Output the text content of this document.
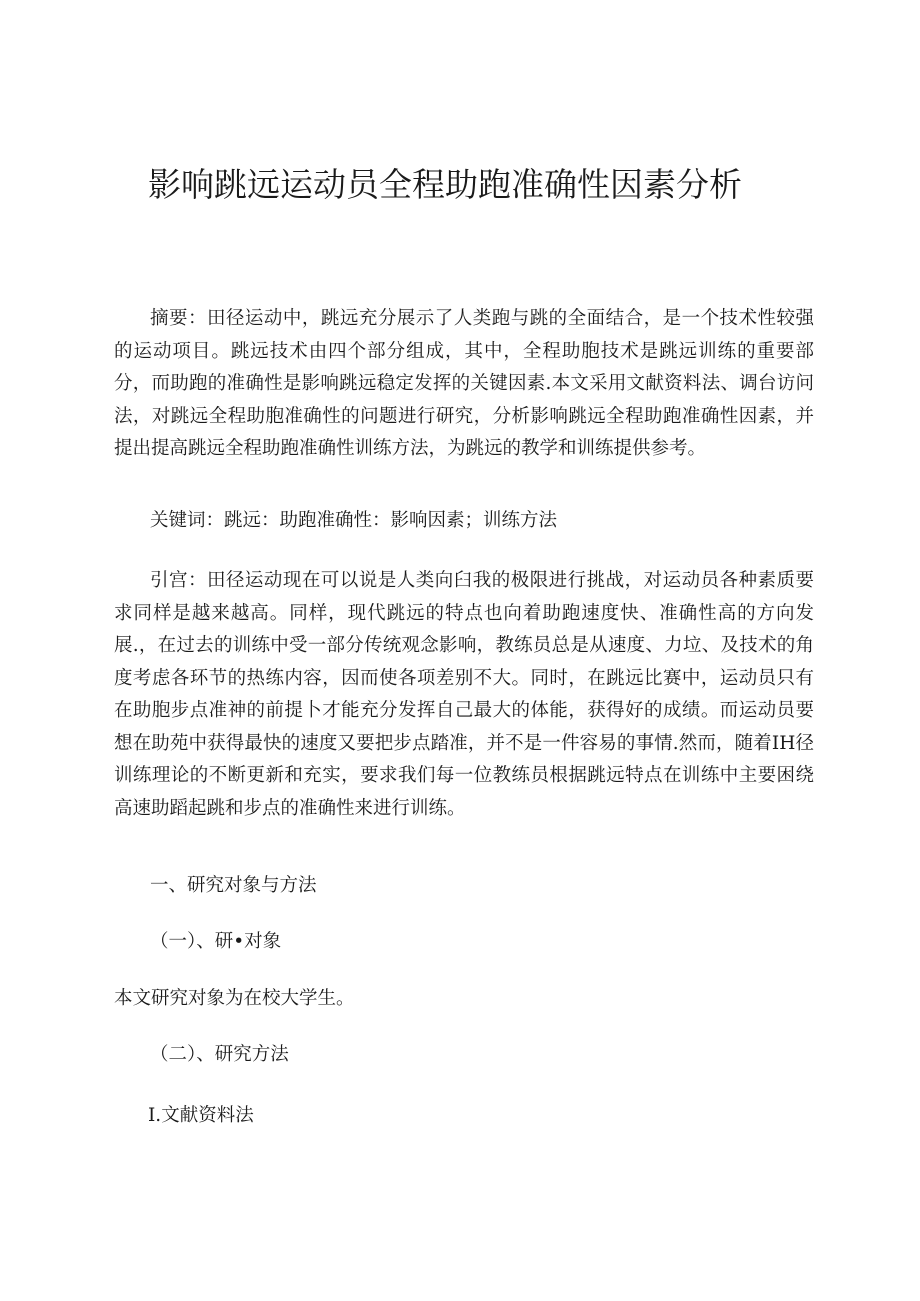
影响跳远运动员全程助跑准确性因素分析

摘要：田径运动中，跳远充分展示了人类跑与跳的全面结合，是一个技术性较强的运动项目。跳远技术由四个部分组成，其中，全程助胞技术是跳远训练的重要部分，而助跑的准确性是影响跳远稳定发挥的关键因素.本文采用文献资料法、调台访问法，对跳远全程助胞准确性的问题进行研究，分析影响跳远全程助跑准确性因素，并提出提高跳远全程助跑准确性训练方法，为跳远的教学和训练提供参考。

关键词：跳远：助跑准确性：影响因素；训练方法

引宫：田径运动现在可以说是人类向臼我的极限进行挑战，对运动员各种素质要求同样是越来越高。同样，现代跳远的特点也向着助跑速度快、准确性高的方向发展.，在过去的训练中受一部分传统观念影响，教练员总是从速度、力垃、及技术的角度考虑各环节的热练内容，因而使各项差别不大。同时，在跳远比赛中，运动员只有在助胞步点准神的前提卜才能充分发挥自己最大的体能，获得好的成绩。而运动员要想在助苑中获得最快的速度又要把步点踏准，并不是一件容易的事情.然而，随着IH径训练理论的不断更新和充实，要求我们每一位教练员根据跳远特点在训练中主要困绕高速助蹈起跳和步点的准确性来进行训练。

一、研究对象与方法

（一）、研•对象

本文研究对象为在校大学生。

（二）、研究方法

I.文献资料法
